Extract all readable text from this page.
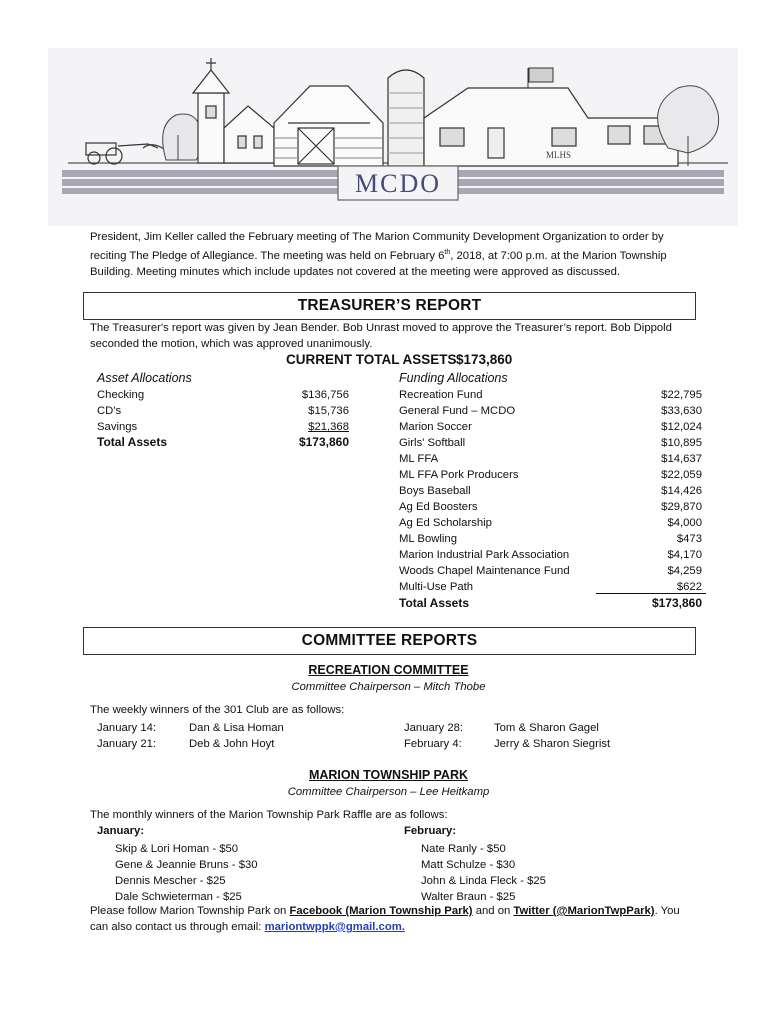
MLHS
MCDO
President, Jim Keller called the February meeting of The Marion Community Development Organization to order by reciting The Pledge of Allegiance. The meeting was held on February 6th, 2018, at 7:00 p.m. at the Marion Township Building. Meeting minutes which include updates not covered at the meeting were approved as discussed.
TREASURER’S REPORT
The Treasurer's report was given by Jean Bender. Bob Unrast moved to approve the Treasurer’s report. Bob Dippold seconded the motion, which was approved unanimously.
CURRENT TOTAL ASSETS $173,860
Asset Allocations
Checking	$136,756
CD's	$15,736
Savings	$21,368
Total Assets	$173,860
Funding Allocations
Recreation Fund	$22,795
General Fund – MCDO	$33,630
Marion Soccer	$12,024
Girls' Softball	$10,895
ML FFA	$14,637
ML FFA Pork Producers	$22,059
Boys Baseball	$14,426
Ag Ed Boosters	$29,870
Ag Ed Scholarship	$4,000
ML Bowling	$473
Marion Industrial Park Association	$4,170
Woods Chapel Maintenance Fund	$4,259
Multi-Use Path	$622
Total Assets	$173,860
COMMITTEE REPORTS
RECREATION COMMITTEE
Committee Chairperson – Mitch Thobe
The weekly winners of the 301 Club are as follows:
January 14:	Dan & Lisa Homan
January 21:	Deb & John Hoyt
January 28:	Tom & Sharon Gagel
February 4:	Jerry & Sharon Siegrist
MARION TOWNSHIP PARK
Committee Chairperson – Lee Heitkamp
The monthly winners of the Marion Township Park Raffle are as follows:
January:
Skip & Lori Homan - $50
Gene & Jeannie Bruns - $30
Dennis Mescher - $25
Dale Schwieterman - $25
February:
Nate Ranly - $50
Matt Schulze - $30
John & Linda Fleck - $25
Walter Braun - $25
Please follow Marion Township Park on Facebook (Marion Township Park) and on Twitter (@MarionTwpPark). You
can also contact us through email: mariontwppk@gmail.com.
